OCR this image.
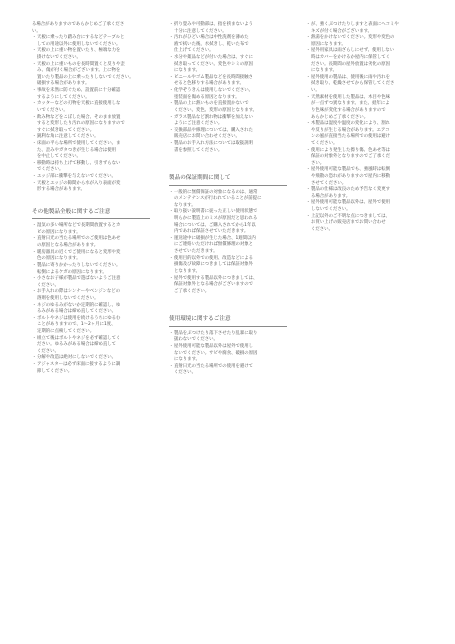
る場合がありますのであらかじめご了承くださ
い。
・天板に乗ったり踏み台にするなどテーブルと
しての用途以外に使用しないでください。
・天板の上に重い物を置いたり、極端な力を
掛けないでください。
・天板の上に重いものを長時間置くと反りや歪
み、傷が付く場合がございます。上に物を
置いたり製品の上に乗ったりしないでください。
破損する場合があります。
・事故を未然に防ぐため、設置前に十分確認
するようにしてください。
・カッターなどの刃物を天板に直接使用しな
いでください。
・飲み物などをこぼした場合、そのまま放置
すると変形したり汚れの原因になりますので
すぐに拭き取ってください。
・鋭利な角に注意してください。
・床面の平らな場所で使用してください。ま
た、歪みやガタつきが生じる場合は使用
を中止してください。
・移動時は持ち上げて移動し、引きずらない
でください。
・エッジ部に衝撃を与えないでください。
・天板とエッジの隙間から水が入り表面が変
形する場合があります。
その他製品全般に関するご注意
・湿気の多い場所などで長期間放置するとカ
ビの原因になります。
・直射日光の当たる場所でのご使用は色あせ
の原因となる場合があります。
・暖房器具の近くでご使用になると変形や変
色の原因になります。
・製品に寄りかかったりしないでください。
転倒によるケガの原因になります。
・小さなお子様が製品で遊ばないようご注意
ください。
・お手入れの際はシンナーやベンジンなどの
溶剤を使用しないでください。
・ネジのゆるみがないか定期的に確認し、ゆ
るみがある場合は締め直してください。
・ボルトやネジは使用を続けるうちにゆるむ
ことがありますので、1～2ヶ月に1度、
定期的に点検してください。
・組立て後はボルトやネジを必ず確認してく
ださい。ゆるみがある場合は締め直して
ください。
・分解や改造は絶対にしないでください。
・アジャスターは必ず床面に接するように調
節してください。
・折り畳みや可動部は、指を挟まないよう
十分に注意してください。
・汚れがひどい場合は中性洗剤を薄めた
液で拭いた後、水拭きし、乾いた布で
仕上げてください。
・水分や薬品などが付いた場合は、すぐに
拭き取ってください。変色やシミの原因
になります。
・ビニールやゴム製品などを長時間接触さ
せると色移りする場合があります。
・化学ぞうきんは使用しないでください。
塗装面を傷める原因となります。
・製品の上に熱いものを直接置かないで
ください。変色、変形の原因となります。
・ガラス製品など割れ物は衝撃を加えない
ようにご注意ください。
・交換部品や修理については、購入された
販売店にお問い合わせください。
・製品のお手入れ方法については取扱説明
書を参照してください。
製品の保証期間に関して
・一般的に無償保証の対象になるのは、通常
のメンテナンスが行われていることが前提に
なります。
・取り扱い説明書に従った正しい使用状態で
明らかに製造上のミスが原因だと思われる
場合については、ご購入されてから1年以
内であれば保証させていただきます。
・運送途中に破損が生じた場合、1週間以内
にご連絡いただければ無償修理の対象と
させていただきます。
・使用目的以外での使用、改造などによる
損傷及び故障につきましては保証対象外
となります。
・屋外で使用する製品以外につきましては、
保証対象外となる場合がございますので
ご了承ください。
使用環境に関するご注意
・製品をぶつけたり落下させたり乱暴に取り
扱わないでください。
・屋外使用可能な製品以外は屋外で使用し
ないでください。サビや腐食、破損の原因
になります。
・直射日光の当たる場所での使用を避けて
ください。
・が、強くぶつけたりしますと表面にヘコミや
キズが付く場合がございます。
・熱湯をかけないでください。変形や変色の
原因になります。
・屋外用家具は雨ざらしにせず、使用しない
時はカバーをかけるか屋内に保管してく
ださい。長期間の屋外放置は劣化の原因
になります。
・屋外使用の製品は、使用後に雨や汚れを
拭き取り、乾燥させてから保管してくださ
い。
・天然素材を使用した製品は、木目や色味
が一点ずつ異なります。また、経年によ
り色味が変化する場合がありますので
あらかじめご了承ください。
・木製品は湿度や温度の変化により、割れ
や反りが生じる場合があります。エアコ
ンの風が直接当たる場所での使用は避け
てください。
・使用により発生した擦り傷、色あせ等は
保証の対象外となりますのでご了承くだ
さい。
・屋外使用可能な製品でも、強風時は転倒
や飛散の恐れがありますので屋内に移動
させてください。
・製品の仕様は改良のため予告なく変更す
る場合があります。
・屋外使用可能な製品以外は、屋外で使用
しないでください。
・上記以外のご不明な点につきましては、
お買い上げの販売店までお問い合わせ
ください。
